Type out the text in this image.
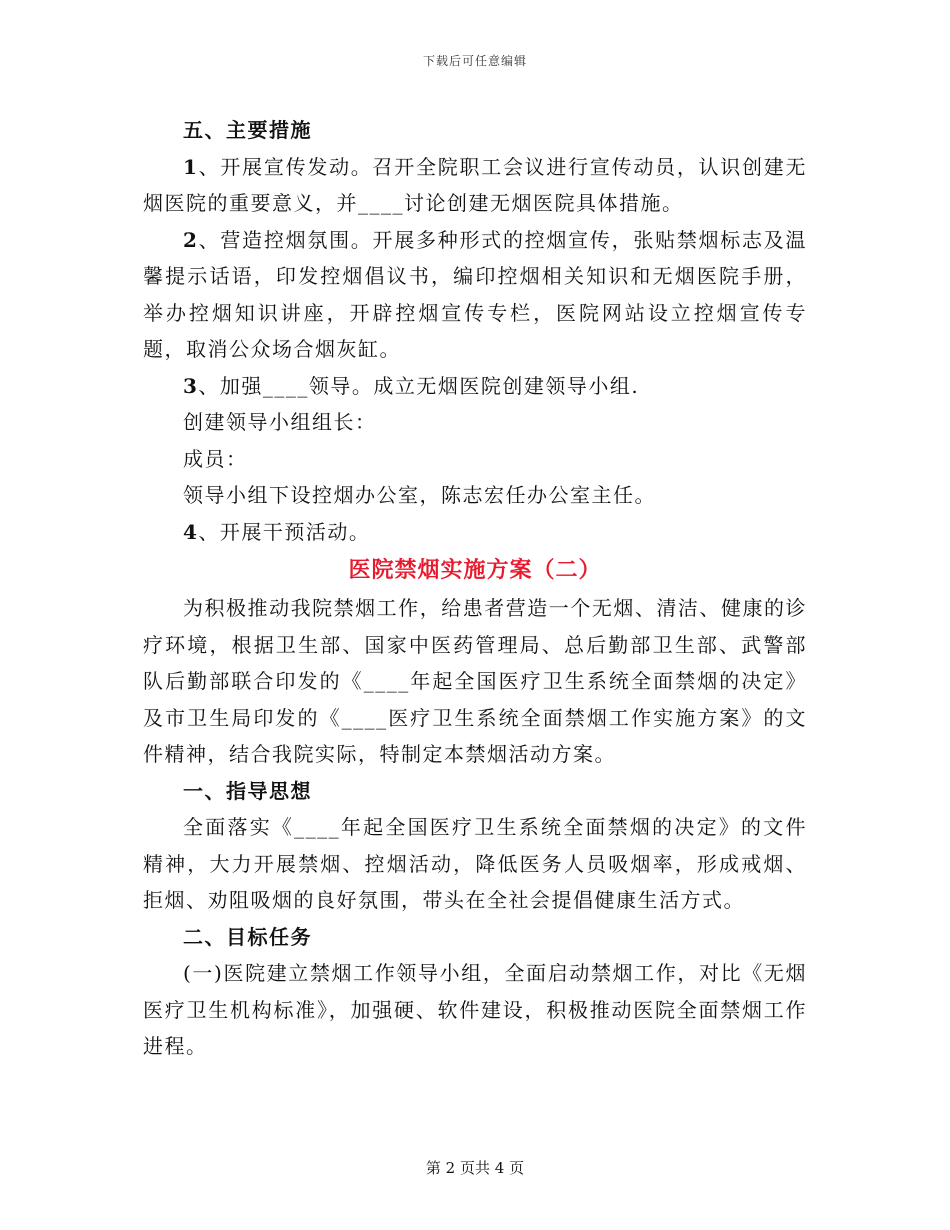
下载后可任意编辑

五、主要措施

1、开展宣传发动。召开全院职工会议进行宣传动员，认识创建无烟医院的重要意义，并____讨论创建无烟医院具体措施。

2、营造控烟氛围。开展多种形式的控烟宣传，张贴禁烟标志及温馨提示话语，印发控烟倡议书，编印控烟相关知识和无烟医院手册，举办控烟知识讲座，开辟控烟宣传专栏，医院网站设立控烟宣传专题，取消公众场合烟灰缸。

3、加强____领导。成立无烟医院创建领导小组.

创建领导小组组长：

成员：

领导小组下设控烟办公室，陈志宏任办公室主任。

4、开展干预活动。

医院禁烟实施方案（二）

为积极推动我院禁烟工作，给患者营造一个无烟、清洁、健康的诊疗环境，根据卫生部、国家中医药管理局、总后勤部卫生部、武警部队后勤部联合印发的《____年起全国医疗卫生系统全面禁烟的决定》及市卫生局印发的《____医疗卫生系统全面禁烟工作实施方案》的文件精神，结合我院实际，特制定本禁烟活动方案。

一、指导思想

全面落实《____年起全国医疗卫生系统全面禁烟的决定》的文件精神，大力开展禁烟、控烟活动，降低医务人员吸烟率，形成戒烟、拒烟、劝阻吸烟的良好氛围，带头在全社会提倡健康生活方式。

二、目标任务

(一)医院建立禁烟工作领导小组，全面启动禁烟工作，对比《无烟医疗卫生机构标准》，加强硬、软件建设，积极推动医院全面禁烟工作进程。

第 2 页共 4 页
